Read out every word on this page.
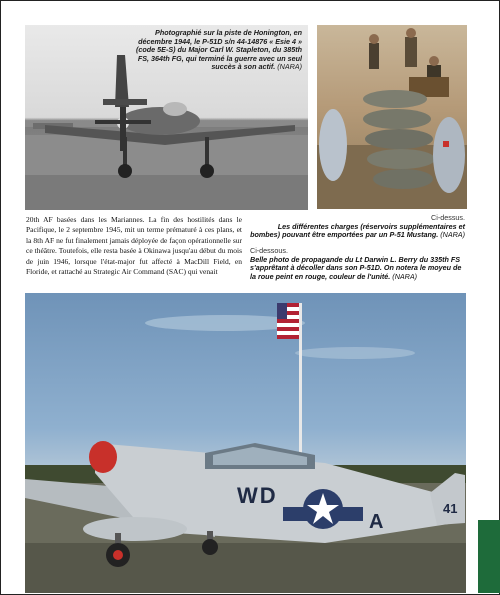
Photographié sur la piste de Honington, en décembre 1944, le P-51D s/n 44-14876 « Esie 4 » (code 5E-S) du Major Carl W. Stapleton, du 385th FS, 364th FG, qui terminé la guerre avec un seul succès à son actif. (NARA)
20th AF basées dans les Mariannes. La fin des hostilités dans le Pacifique, le 2 septembre 1945, mit un terme prématuré à ces plans, et la 8th AF ne fut finalement jamais déployée de façon opérationnelle sur ce théâtre. Toutefois, elle resta basée à Okinawa jusqu'au début du mois de juin 1946, lorsque l'état-major fut affecté à MacDill Field, en Floride, et rattaché au Strategic Air Command (SAC) qui venait
Ci-dessus.
Les différentes charges (réservoirs supplémentaires et bombes) pouvant être emportées par un P-51 Mustang. (NARA)
Ci-dessous.
Belle photo de propagande du Lt Darwin L. Berry du 335th FS s'apprêtant à décoller dans son P-51D. On notera le moyeu de la roue peint en rouge, couleur de l'unité. (NARA)
WD
A
41
